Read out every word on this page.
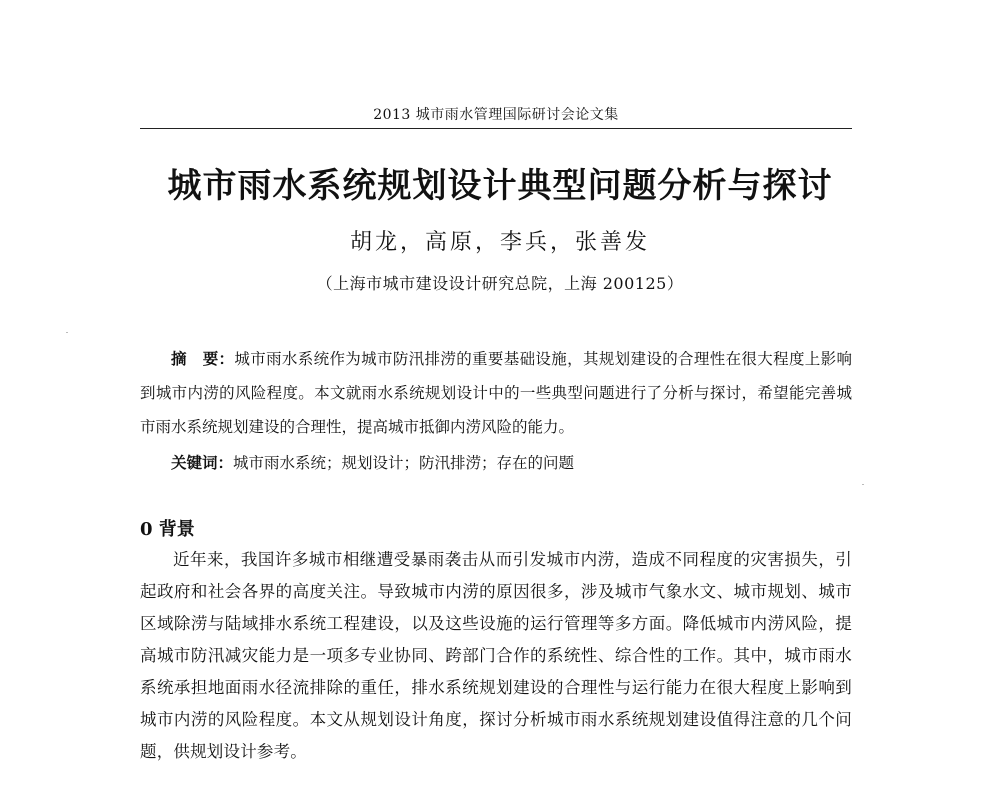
2013 城市雨水管理国际研讨会论文集
城市雨水系统规划设计典型问题分析与探讨
胡龙，高原，李兵，张善发
（上海市城市建设设计研究总院，上海 200125）

摘　要：城市雨水系统作为城市防汛排涝的重要基础设施，其规划建设的合理性在很大程度上影响到城市内涝的风险程度。本文就雨水系统规划设计中的一些典型问题进行了分析与探讨，希望能完善城市雨水系统规划建设的合理性，提高城市抵御内涝风险的能力。

关键词：城市雨水系统；规划设计；防汛排涝；存在的问题
0 背景

近年来，我国许多城市相继遭受暴雨袭击从而引发城市内涝，造成不同程度的灾害损失，引起政府和社会各界的高度关注。导致城市内涝的原因很多，涉及城市气象水文、城市规划、城市区域除涝与陆域排水系统工程建设，以及这些设施的运行管理等多方面。降低城市内涝风险，提高城市防汛减灾能力是一项多专业协同、跨部门合作的系统性、综合性的工作。其中，城市雨水系统承担地面雨水径流排除的重任，排水系统规划建设的合理性与运行能力在很大程度上影响到城市内涝的风险程度。本文从规划设计角度，探讨分析城市雨水系统规划建设值得注意的几个问题，供规划设计参考。
